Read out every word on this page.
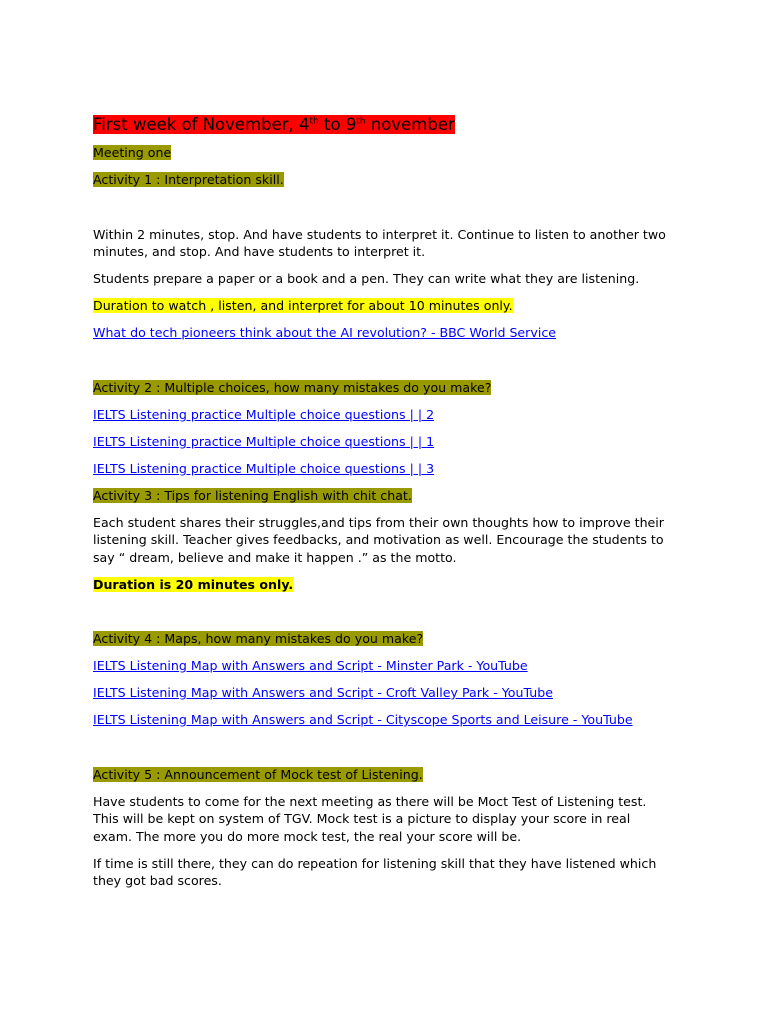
First week of November, 4th to 9th november

Meeting one

Activity 1 : Interpretation skill.

Within 2 minutes, stop. And have students to interpret it. Continue to listen to another two minutes, and stop. And have students to interpret it.

Students prepare a paper or a book and a pen. They can write what they are listening.

Duration to watch , listen, and interpret for about 10 minutes only.

What do tech pioneers think about the AI revolution? - BBC World Service

Activity 2 : Multiple choices, how many mistakes do you make?

IELTS Listening practice Multiple choice questions | | 2

IELTS Listening practice Multiple choice questions | | 1

IELTS Listening practice Multiple choice questions | | 3

Activity 3 : Tips for listening English with chit chat.

Each student shares their struggles,and tips from their own thoughts how to improve their listening skill. Teacher gives feedbacks, and motivation as well. Encourage the students to say “ dream, believe and make it happen .” as the motto.

Duration is 20 minutes only.

Activity 4 : Maps, how many mistakes do you make?

IELTS Listening Map with Answers and Script - Minster Park - YouTube

IELTS Listening Map with Answers and Script - Croft Valley Park - YouTube

IELTS Listening Map with Answers and Script - Cityscope Sports and Leisure - YouTube

Activity 5 : Announcement of Mock test of Listening.

Have students to come for the next meeting as there will be Moct Test of Listening test. This will be kept on system of TGV. Mock test is a picture to display your score in real exam. The more you do more mock test, the real your score will be.

If time is still there, they can do repeation for listening skill that they have listened which they got bad scores.
